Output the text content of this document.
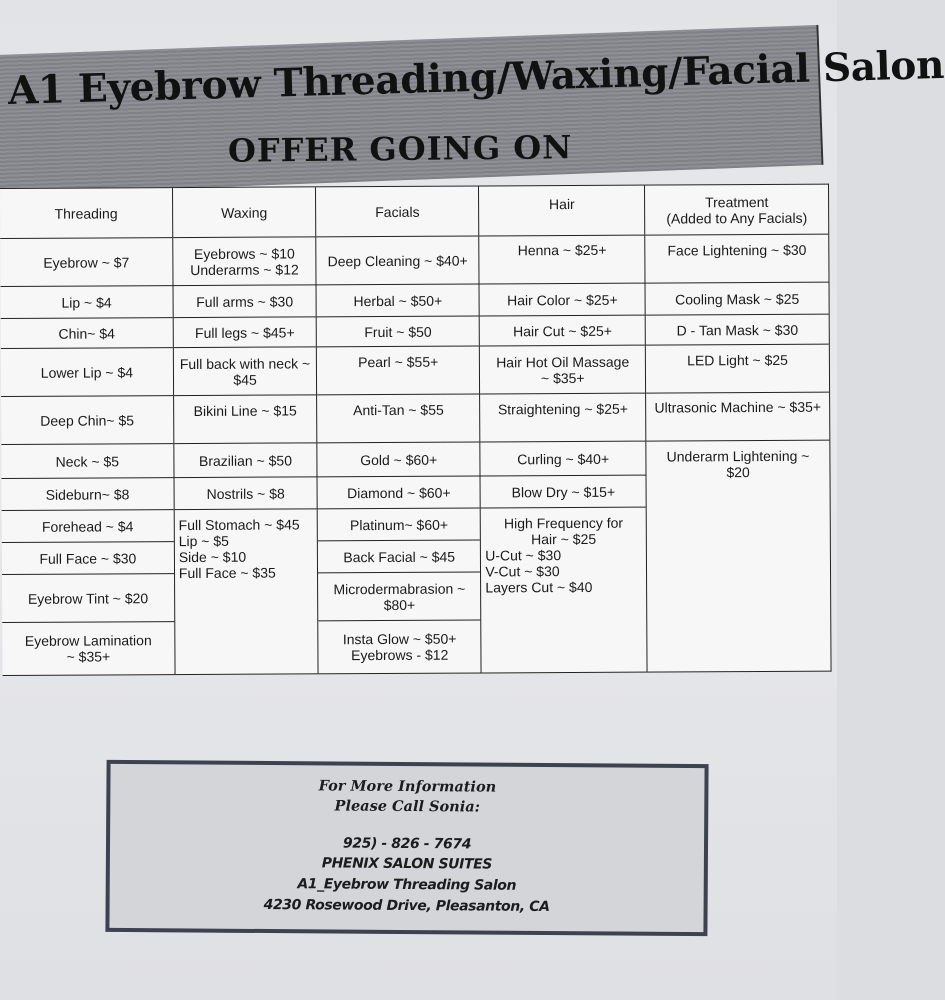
A1 Eyebrow Threading/Waxing/Facial Salon
OFFER GOING ON
Threading
Eyebrow ~ $7
Lip ~ $4
Chin~ $4
Lower Lip ~ $4
Deep Chin~ $5
Neck ~ $5
Sideburn~ $8
Forehead ~ $4
Full Face ~ $30
Eyebrow Tint ~ $20
Eyebrow Lamination ~ $35+
Waxing
Eyebrows ~ $10
Underarms ~ $12
Full arms ~ $30
Full legs ~ $45+
Full back with neck ~ $45
Bikini Line ~ $15
Brazilian ~ $50
Nostrils ~ $8
Full Stomach ~ $45
Lip ~ $5
Side ~ $10
Full Face ~ $35
Facials
Deep Cleaning ~ $40+
Herbal ~ $50+
Fruit ~ $50
Pearl ~ $55+
Anti-Tan ~ $55
Gold ~ $60+
Diamond ~ $60+
Platinum~ $60+
Back Facial ~ $45
Microdermabrasion ~ $80+
Insta Glow ~ $50+
Eyebrows - $12
Hair
Henna ~ $25+
Hair Color ~ $25+
Hair Cut ~ $25+
Hair Hot Oil Massage ~ $35+
Straightening ~ $25+
Curling ~ $40+
Blow Dry ~ $15+
High Frequency for Hair ~ $25
U-Cut ~ $30
V-Cut ~ $30
Layers Cut ~ $40
Treatment
(Added to Any Facials)
Face Lightening ~ $30
Cooling Mask ~ $25
D - Tan Mask ~ $30
LED Light ~ $25
Ultrasonic Machine ~ $35+
Underarm Lightening ~ $20
For More Information
Please Call Sonia:
925) - 826 - 7674
PHENIX SALON SUITES
A1_Eyebrow Threading Salon
4230 Rosewood Drive, Pleasanton, CA
